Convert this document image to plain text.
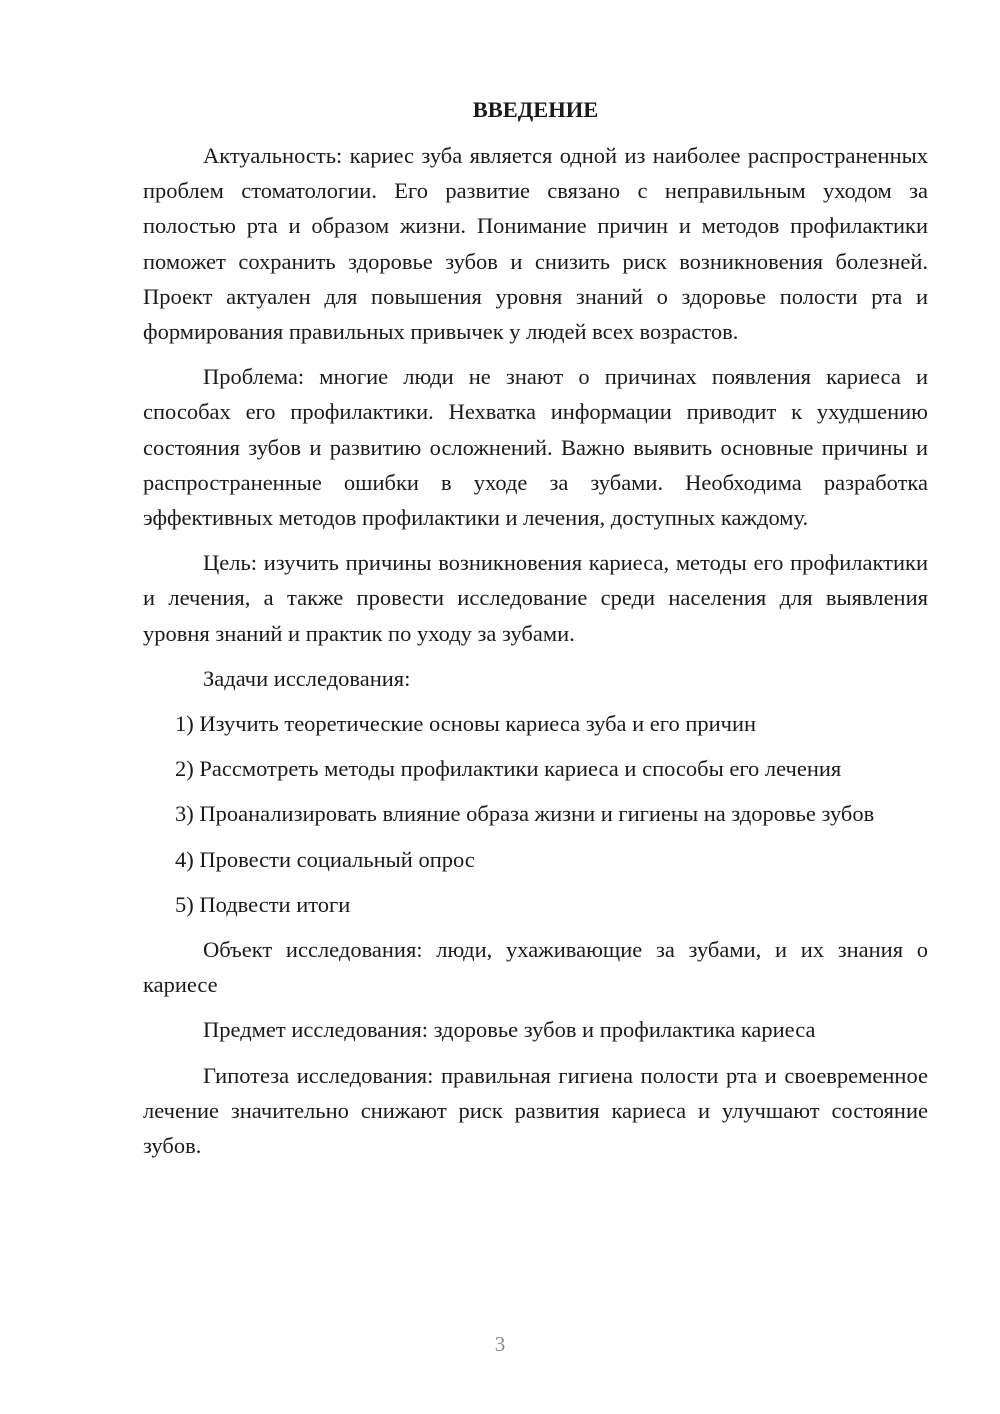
ВВЕДЕНИЕ

Актуальность: кариес зуба является одной из наиболее распространенных проблем стоматологии. Его развитие связано с неправильным уходом за полостью рта и образом жизни. Понимание причин и методов профилактики поможет сохранить здоровье зубов и снизить риск возникновения болезней. Проект актуален для повышения уровня знаний о здоровье полости рта и формирования правильных привычек у людей всех возрастов.

Проблема: многие люди не знают о причинах появления кариеса и способах его профилактики. Нехватка информации приводит к ухудшению состояния зубов и развитию осложнений. Важно выявить основные причины и распространенные ошибки в уходе за зубами. Необходима разработка эффективных методов профилактики и лечения, доступных каждому.

Цель: изучить причины возникновения кариеса, методы его профилактики и лечения, а также провести исследование среди населения для выявления уровня знаний и практик по уходу за зубами.

Задачи исследования:

1) Изучить теоретические основы кариеса зуба и его причин

2) Рассмотреть методы профилактики кариеса и способы его лечения

3) Проанализировать влияние образа жизни и гигиены на здоровье зубов

4) Провести социальный опрос

5) Подвести итоги

Объект исследования: люди, ухаживающие за зубами, и их знания о кариесе

Предмет исследования: здоровье зубов и профилактика кариеса

Гипотеза исследования: правильная гигиена полости рта и своевременное лечение значительно снижают риск развития кариеса и улучшают состояние зубов.

3
